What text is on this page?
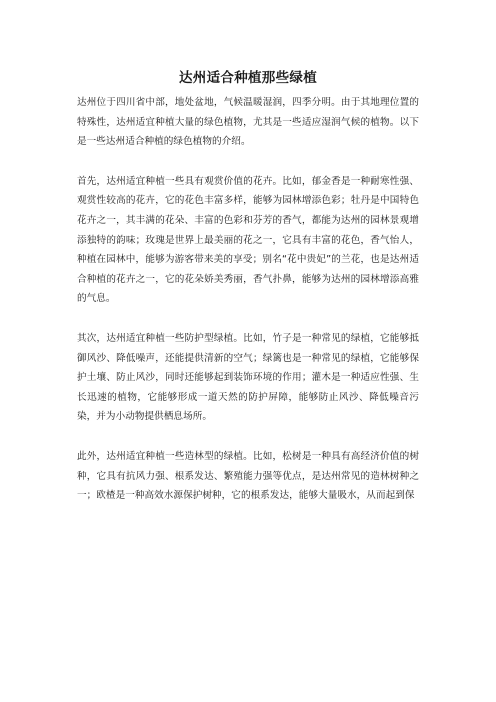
达州适合种植那些绿植

达州位于四川省中部，地处盆地，气候温暖湿润，四季分明。由于其地理位置的特殊性，达州适宜种植大量的绿色植物，尤其是一些适应湿润气候的植物。以下是一些达州适合种植的绿色植物的介绍。

首先，达州适宜种植一些具有观赏价值的花卉。比如，郁金香是一种耐寒性强、观赏性较高的花卉，它的花色丰富多样，能够为园林增添色彩；牡丹是中国特色花卉之一，其丰满的花朵、丰富的色彩和芬芳的香气，都能为达州的园林景观增添独特的韵味；玫瑰是世界上最美丽的花之一，它具有丰富的花色，香气怡人，种植在园林中，能够为游客带来美的享受；别名“花中贵妃”的兰花，也是达州适合种植的花卉之一，它的花朵娇美秀丽，香气扑鼻，能够为达州的园林增添高雅的气息。

其次，达州适宜种植一些防护型绿植。比如，竹子是一种常见的绿植，它能够抵御风沙、降低噪声，还能提供清新的空气；绿篱也是一种常见的绿植，它能够保护土壤、防止风沙，同时还能够起到装饰环境的作用；灌木是一种适应性强、生长迅速的植物，它能够形成一道天然的防护屏障，能够防止风沙、降低噪音污染，并为小动物提供栖息场所。

此外，达州适宜种植一些造林型的绿植。比如，松树是一种具有高经济价值的树种，它具有抗风力强、根系发达、繁殖能力强等优点，是达州常见的造林树种之一；欧楂是一种高效水源保护树种，它的根系发达，能够大量吸水，从而起到保
